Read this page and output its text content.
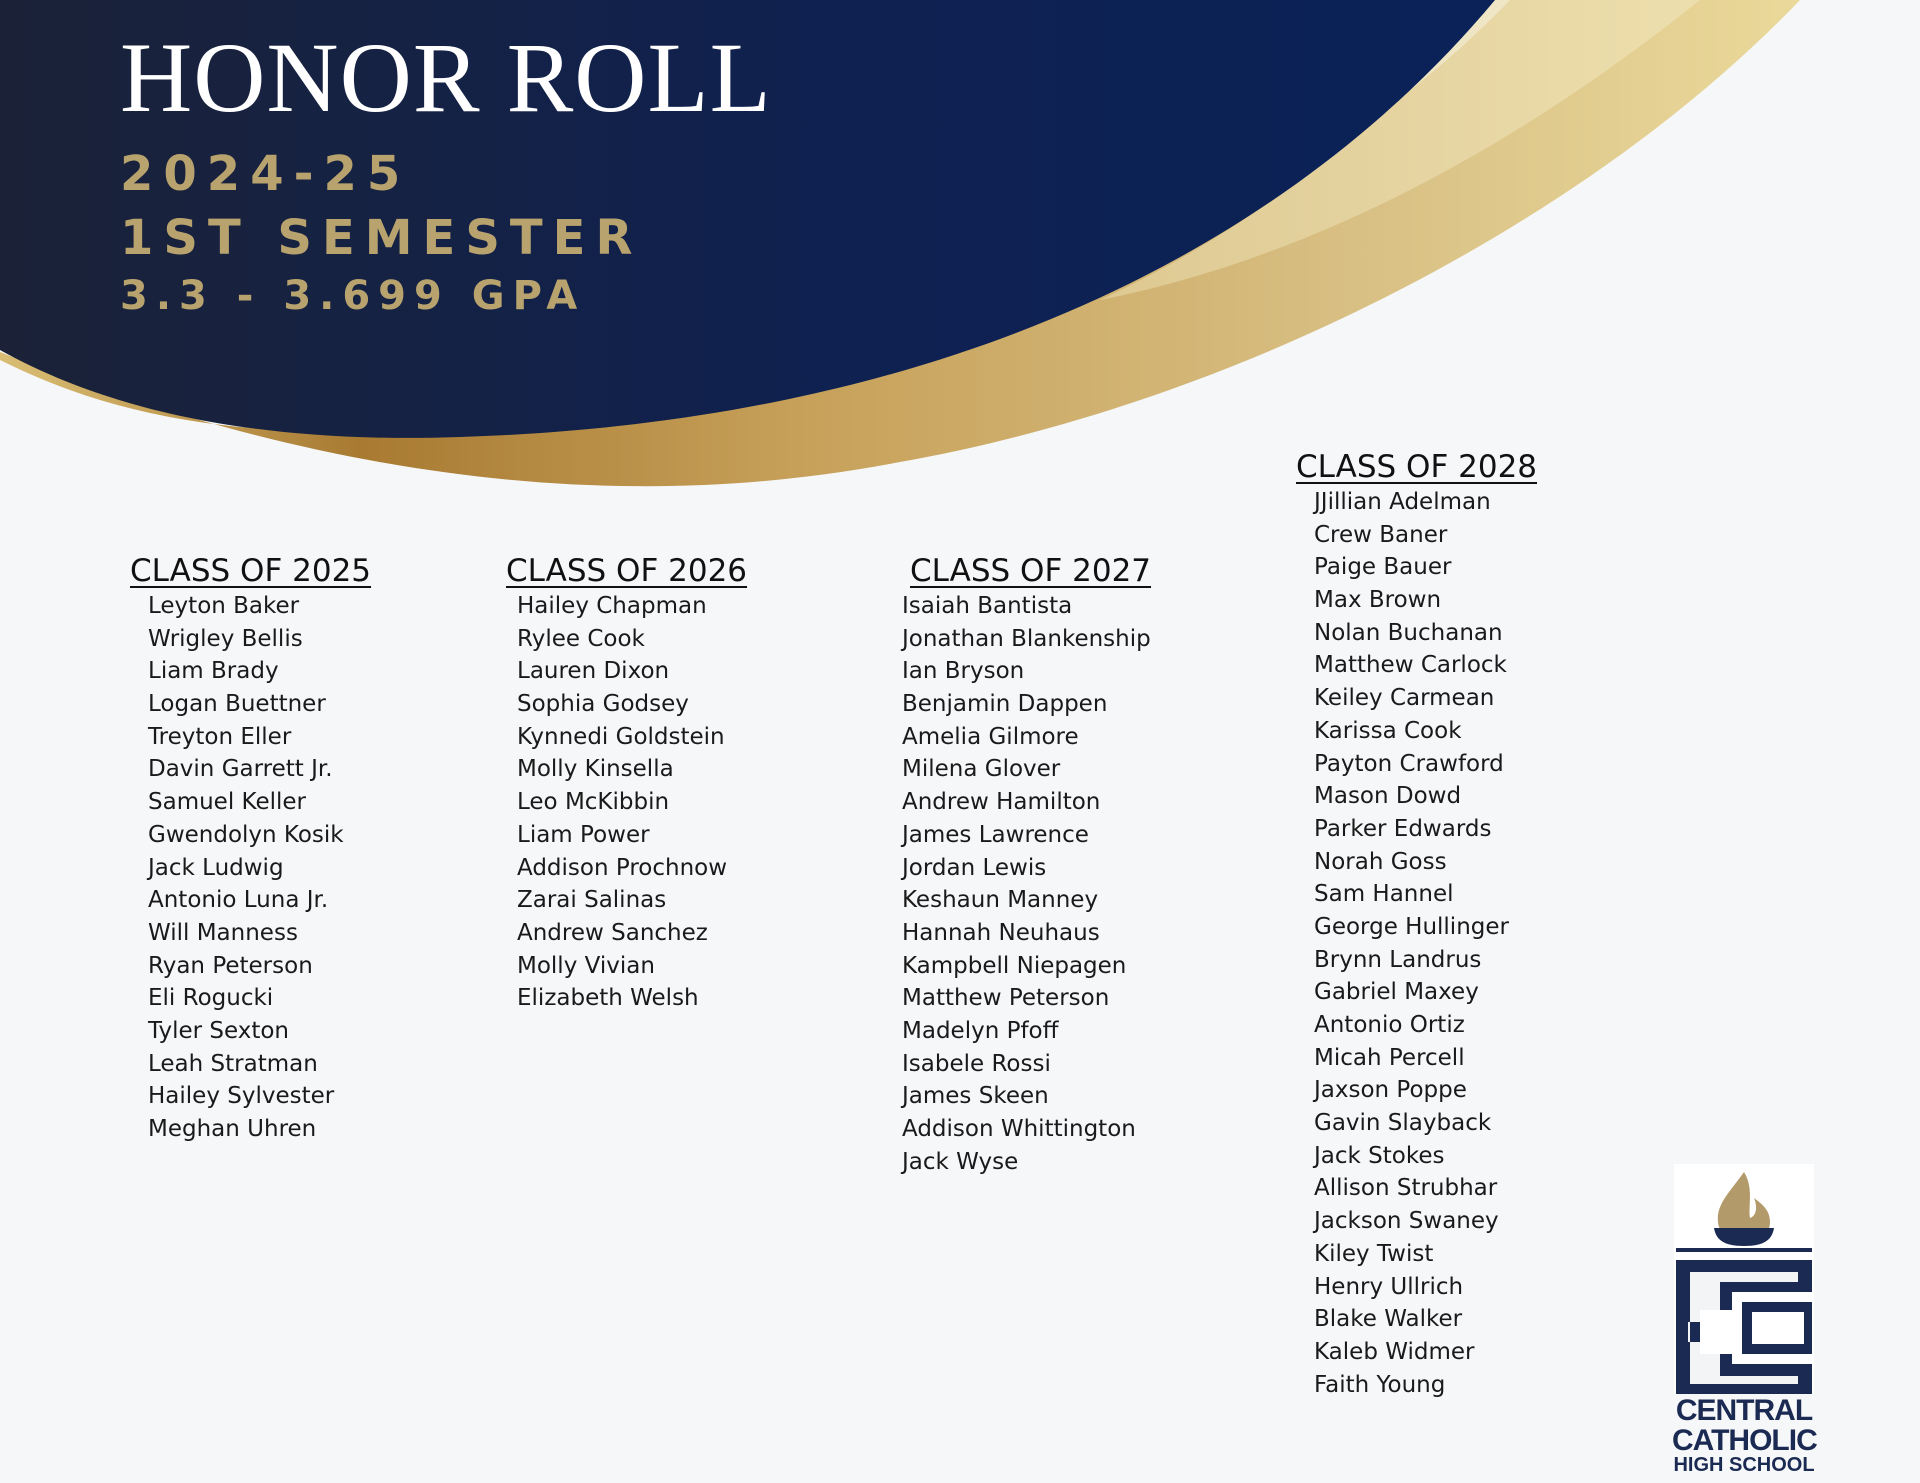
HONOR ROLL

2024-25

1ST SEMESTER

3.3 - 3.699 GPA

CLASS OF 2025
Leyton Baker
Wrigley Bellis
Liam Brady
Logan Buettner
Treyton Eller
Davin Garrett Jr.
Samuel Keller
Gwendolyn Kosik
Jack Ludwig
Antonio Luna Jr.
Will Manness
Ryan Peterson
Eli Rogucki
Tyler Sexton
Leah Stratman
Hailey Sylvester
Meghan Uhren
CLASS OF 2026
Hailey Chapman
Rylee Cook
Lauren Dixon
Sophia Godsey
Kynnedi Goldstein
Molly Kinsella
Leo McKibbin
Liam Power
Addison Prochnow
Zarai Salinas
Andrew Sanchez
Molly Vivian
Elizabeth Welsh
CLASS OF 2027
Isaiah Bantista
Jonathan Blankenship
Ian Bryson
Benjamin Dappen
Amelia Gilmore
Milena Glover
Andrew Hamilton
James Lawrence
Jordan Lewis
Keshaun Manney
Hannah Neuhaus
Kampbell Niepagen
Matthew Peterson
Madelyn Pfoff
Isabele Rossi
James Skeen
Addison Whittington
Jack Wyse
CLASS OF 2028
JJillian Adelman
Crew Baner
Paige Bauer
Max Brown
Nolan Buchanan
Matthew Carlock
Keiley Carmean
Karissa Cook
Payton Crawford
Mason Dowd
Parker Edwards
Norah Goss
Sam Hannel
George Hullinger
Brynn Landrus
Gabriel Maxey
Antonio Ortiz
Micah Percell
Jaxson Poppe
Gavin Slayback
Jack Stokes
Allison Strubhar
Jackson Swaney
Kiley Twist
Henry Ullrich
Blake Walker
Kaleb Widmer
Faith Young

CENTRAL

CATHOLIC

HIGH SCHOOL
